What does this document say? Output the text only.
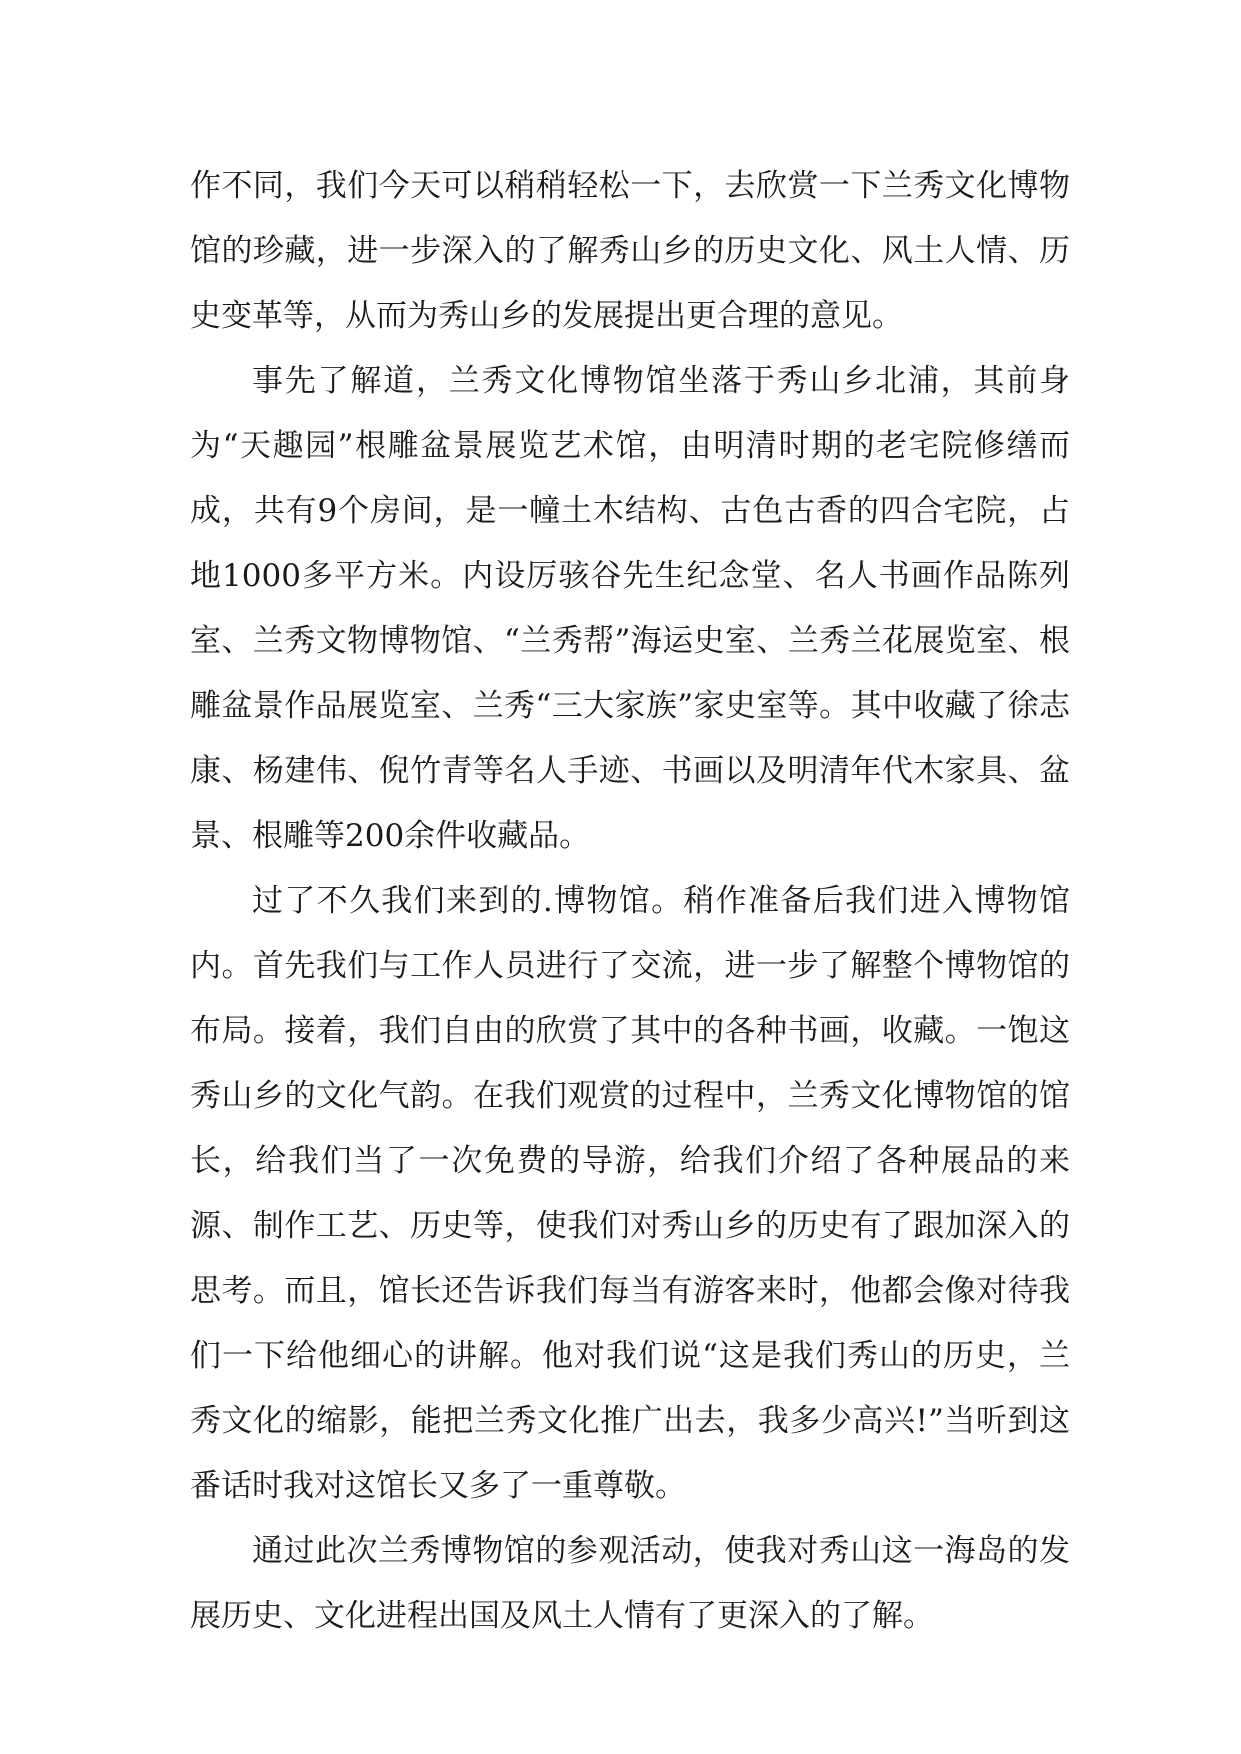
作不同，我们今天可以稍稍轻松一下，去欣赏一下兰秀文化博物馆的珍藏，进一步深入的了解秀山乡的历史文化、风土人情、历史变革等，从而为秀山乡的发展提出更合理的意见。

事先了解道，兰秀文化博物馆坐落于秀山乡北浦，其前身为“天趣园”根雕盆景展览艺术馆，由明清时期的老宅院修缮而成，共有9个房间，是一幢土木结构、古色古香的四合宅院，占地1000多平方米。内设厉骇谷先生纪念堂、名人书画作品陈列室、兰秀文物博物馆、“兰秀帮”海运史室、兰秀兰花展览室、根雕盆景作品展览室、兰秀“三大家族”家史室等。其中收藏了徐志康、杨建伟、倪竹青等名人手迹、书画以及明清年代木家具、盆景、根雕等200余件收藏品。

过了不久我们来到的.博物馆。稍作准备后我们进入博物馆内。首先我们与工作人员进行了交流，进一步了解整个博物馆的布局。接着，我们自由的欣赏了其中的各种书画，收藏。一饱这秀山乡的文化气韵。在我们观赏的过程中，兰秀文化博物馆的馆长，给我们当了一次免费的导游，给我们介绍了各种展品的来源、制作工艺、历史等，使我们对秀山乡的历史有了跟加深入的思考。而且，馆长还告诉我们每当有游客来时，他都会像对待我们一下给他细心的讲解。他对我们说“这是我们秀山的历史，兰秀文化的缩影，能把兰秀文化推广出去，我多少高兴!”当听到这番话时我对这馆长又多了一重尊敬。

通过此次兰秀博物馆的参观活动，使我对秀山这一海岛的发展历史、文化进程出国及风土人情有了更深入的了解。
